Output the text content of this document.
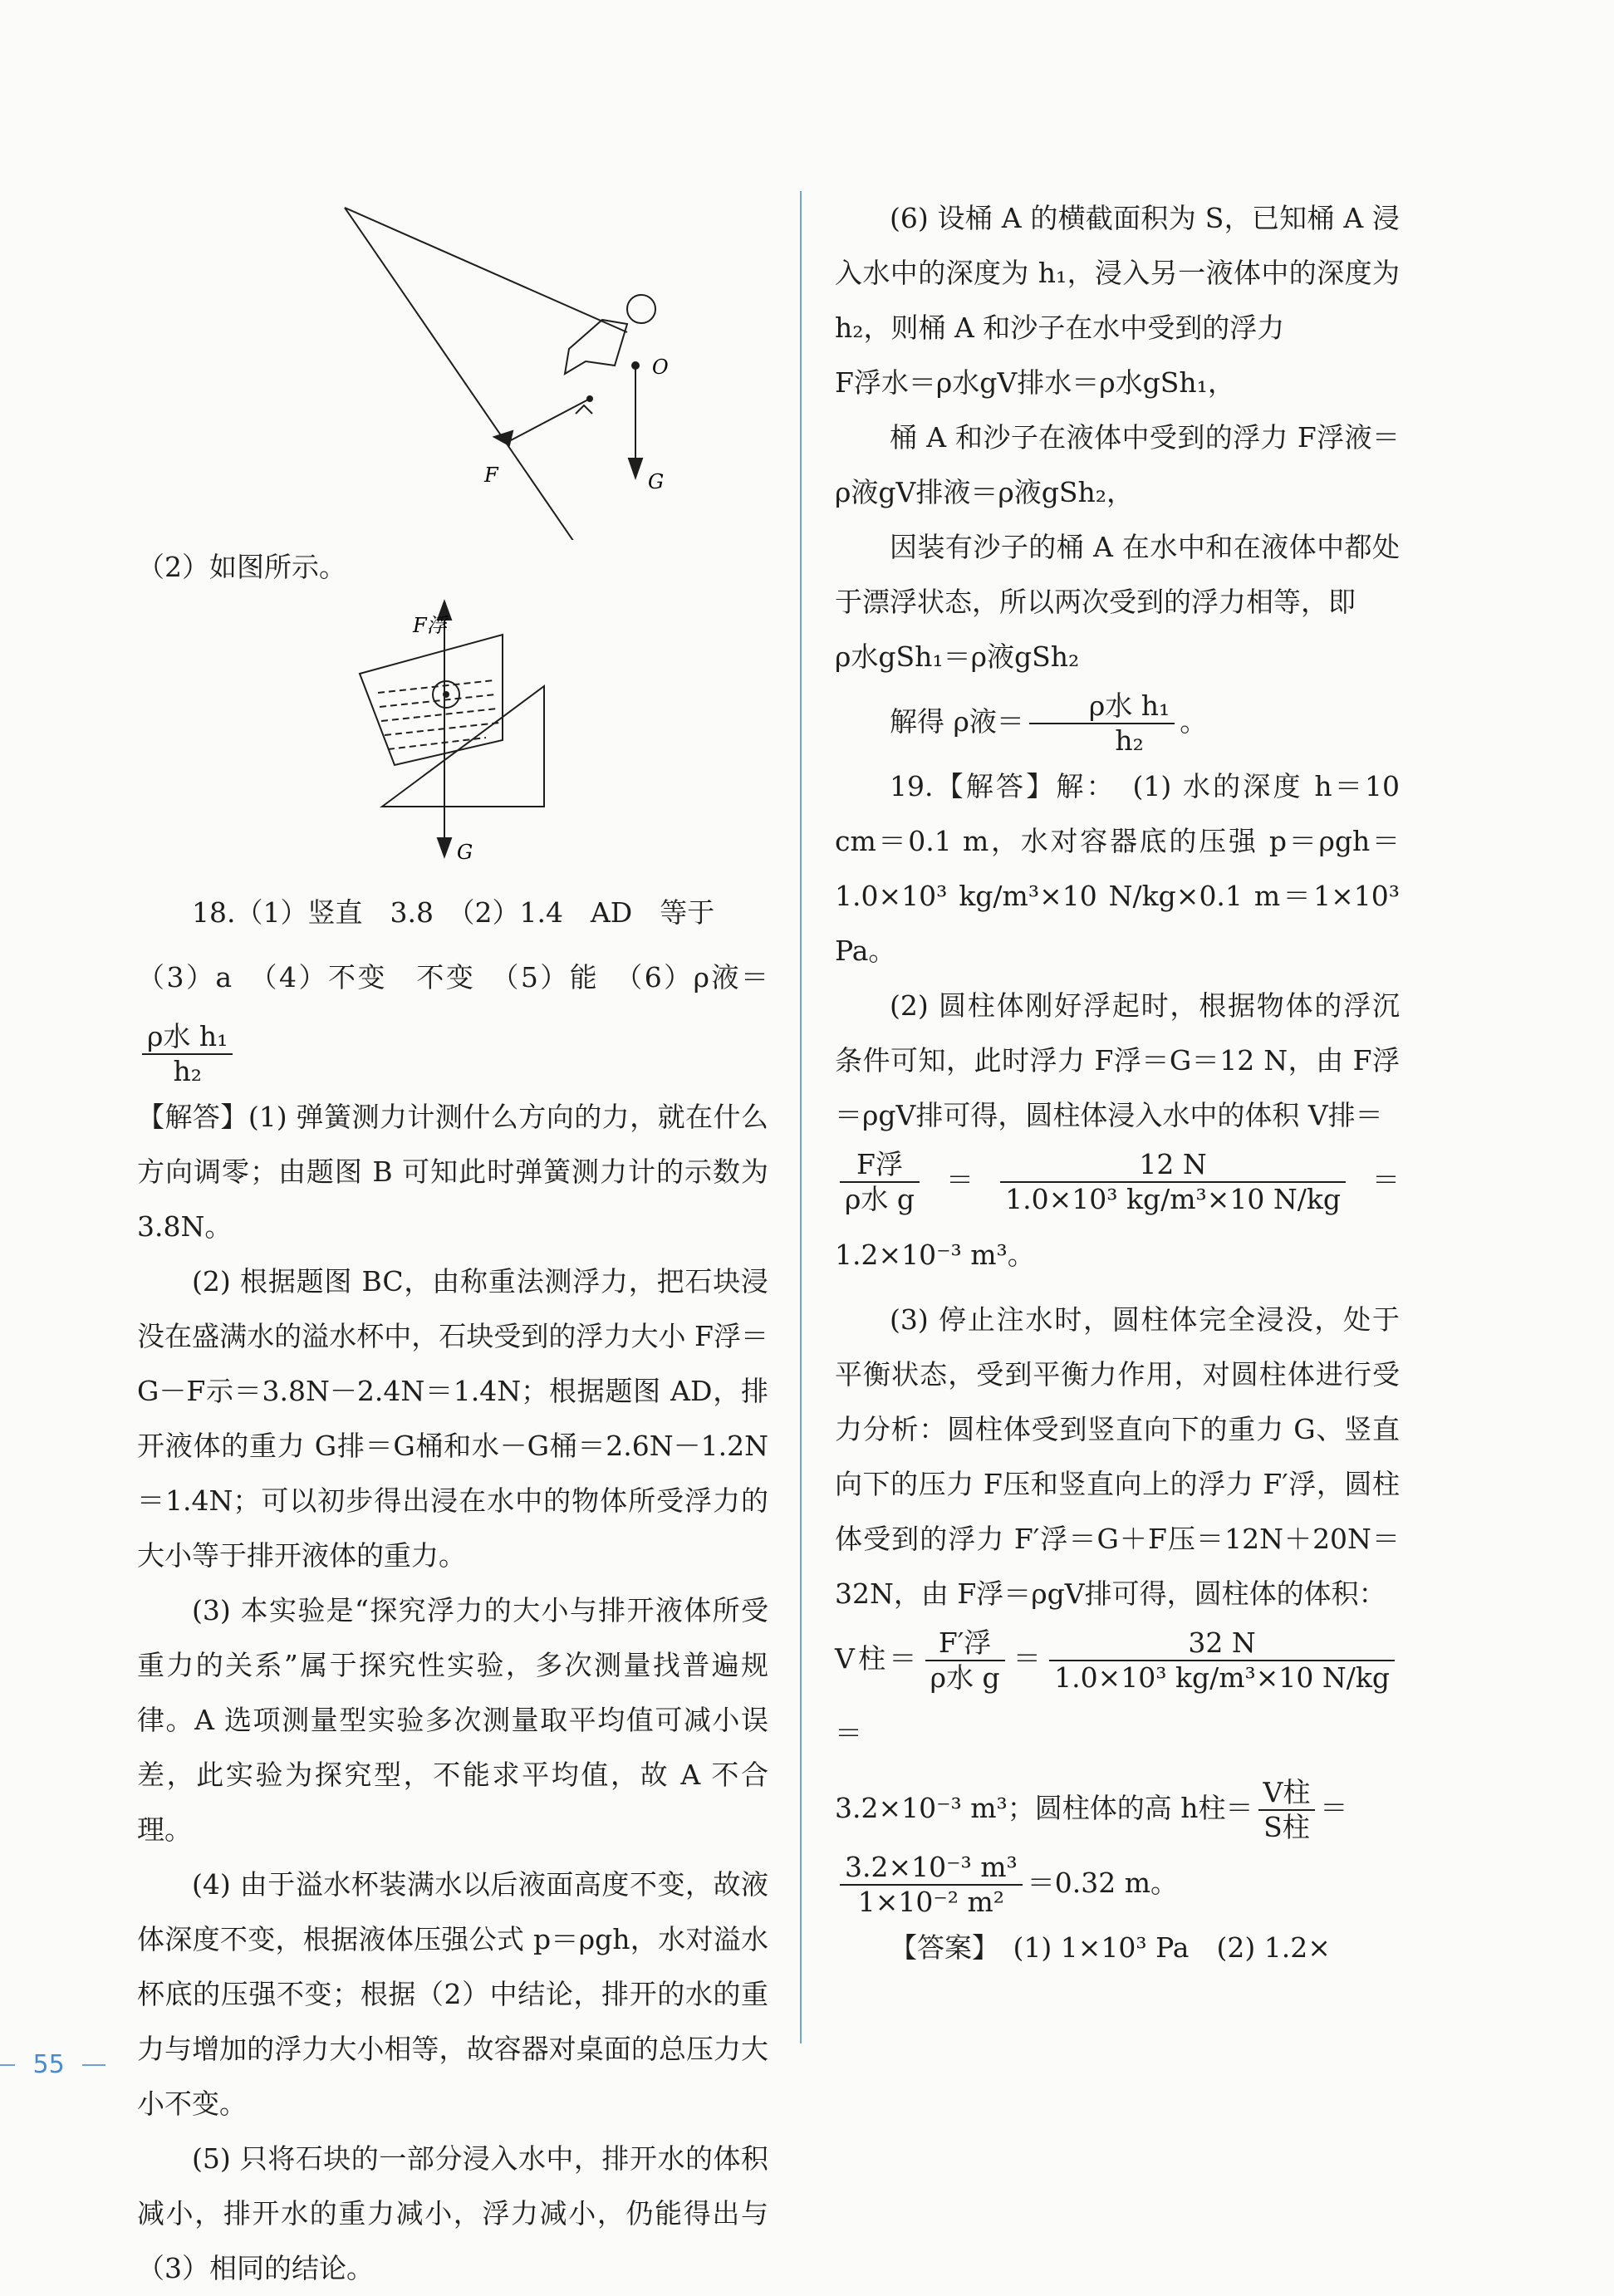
O
F	G

（2）如图所示。

F浮
G

18.（1）竖直　3.8　（2）1.4　AD　等于

（3）a　（4）不变　不变　（5）能　（6）ρ液＝
$\frac{\text{ρ水 h₁}}{\text{h₂}}$

【解答】(1) 弹簧测力计测什么方向的力，就在什么方向调零；由题图 B 可知此时弹簧测力计的示数为 3.8N。

(2) 根据题图 BC，由称重法测浮力，把石块浸没在盛满水的溢水杯中，石块受到的浮力大小 F浮＝G－F示＝3.8N－2.4N＝1.4N；根据题图 AD，排开液体的重力 G排＝G桶和水－G桶＝2.6N－1.2N＝1.4N；可以初步得出浸在水中的物体所受浮力的大小等于排开液体的重力。

(3) 本实验是“探究浮力的大小与排开液体所受重力的关系”属于探究性实验，多次测量找普遍规律。A 选项测量型实验多次测量取平均值可减小误差，此实验为探究型，不能求平均值，故 A 不合理。

(4) 由于溢水杯装满水以后液面高度不变，故液体深度不变，根据液体压强公式 p＝ρgh，水对溢水杯底的压强不变；根据（2）中结论，排开的水的重力与增加的浮力大小相等，故容器对桌面的总压力大小不变。

(5) 只将石块的一部分浸入水中，排开水的体积减小，排开水的重力减小，浮力减小，仍能得出与（3）相同的结论。

(6) 设桶 A 的横截面积为 S，已知桶 A 浸入水中的深度为 h₁，浸入另一液体中的深度为 h₂，则桶 A 和沙子在水中受到的浮力

F浮水＝ρ水gV排水＝ρ水gSh₁，

桶 A 和沙子在液体中受到的浮力 F浮液＝ρ液gV排液＝ρ液gSh₂，

因装有沙子的桶 A 在水中和在液体中都处于漂浮状态，所以两次受到的浮力相等，即

ρ水gSh₁＝ρ液gSh₂

解得 ρ液＝ $\frac{\text{ρ水 h₁}}{\text{h₂}}$ 。

19.【解答】解：　(1) 水的深度 h＝10 cm＝0.1 m，水对容器底的压强 p＝ρgh＝1.0×10³ kg/m³×10 N/kg×0.1 m＝1×10³ Pa。

(2) 圆柱体刚好浮起时，根据物体的浮沉条件可知，此时浮力 F浮＝G＝12 N，由 F浮＝ρgV排可得，圆柱体浸入水中的体积 V排＝

$\frac{\text{F浮}}{\text{ρ水 g}} = \frac{12 N}{\text{1.0×10³ kg/m³×10 N/kg}} =1.2\times 10^{-3}$ m³。

(3) 停止注水时，圆柱体完全浸没，处于平衡状态，受到平衡力作用，对圆柱体进行受力分析：圆柱体受到竖直向下的重力 G、竖直向下的压力 F压和竖直向上的浮力 F′浮，圆柱体受到的浮力 F′浮＝G＋F压＝12N＋20N＝32N，由 F浮＝ρgV排可得，圆柱体的体积：

V柱＝ $\frac{\text{F′浮}}{\text{ρ水 g}} = \frac{32 N}{\text{1.0×10³ kg/m³×10 N/kg}}$
＝

3.2×10⁻³ m³；圆柱体的高 h柱＝ $\frac{\text{V柱}}{\text{S柱}}$ ＝

$\frac{\text{3.2×10⁻³ m³}}{\text{1×10⁻² m²}} =0.32$ m。

【答案】　(1) 1×10³ Pa　(2) 1.2×

55
